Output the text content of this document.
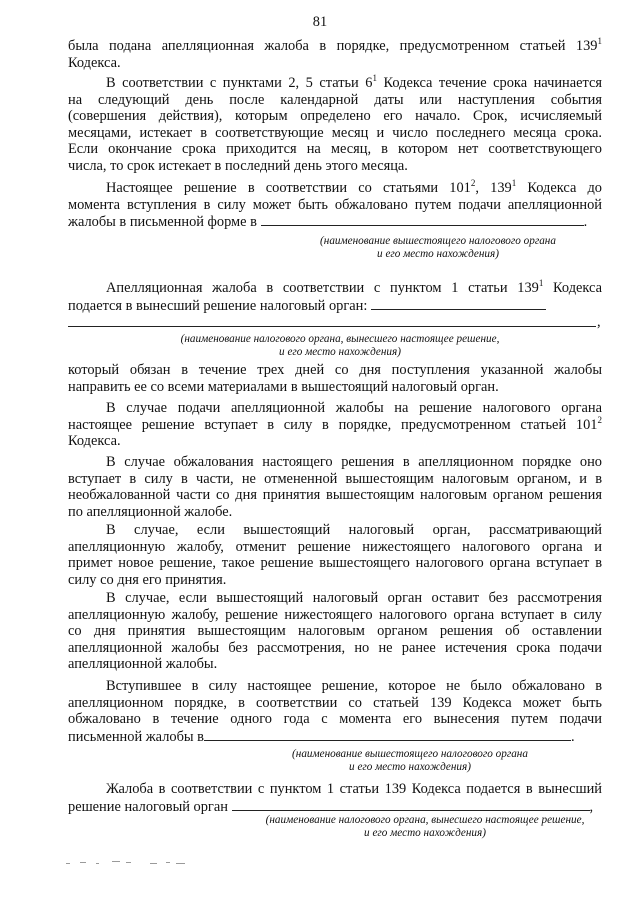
81
была подана апелляционная жалоба в порядке, предусмотренном статьей $139^1$
Кодекса.
В соответствии с пунктами 2, 5 статьи $6^1$ Кодекса течение срока начинается
на следующий день после календарной даты или наступления события
(совершения действия), которым определено его начало. Срок, исчисляемый
месяцами, истекает в соответствующие месяц и число последнего месяца срока.
Если окончание срока приходится на месяц, в котором нет соответствующего
числа, то срок истекает в последний день этого месяца.
Настоящее решение в соответствии со статьями $101^2$, $139^1$ Кодекса до
момента вступления в силу может быть обжаловано путем подачи апелляционной
жалобы в письменной форме в	.
(наименование вышестоящего налогового органа
и его место нахождения)
Апелляционная жалоба в соответствии с пунктом 1 статьи $139^1$ Кодекса
подается в вынесший решение налоговый орган:
,
(наименование налогового органа, вынесшего настоящее решение,
и его место нахождения)
который обязан в течение трех дней со дня поступления указанной жалобы
направить ее со всеми материалами в вышестоящий налоговый орган.
В случае подачи апелляционной жалобы на решение налогового органа
настоящее решение вступает в силу в порядке, предусмотренном статьей $101^2$
Кодекса.
В случае обжалования настоящего решения в апелляционном порядке оно
вступает в силу в части, не отмененной вышестоящим налоговым органом, и в
необжалованной части со дня принятия вышестоящим налоговым органом решения
по апелляционной жалобе.
В случае, если вышестоящий налоговый орган, рассматривающий
апелляционную жалобу, отменит решение нижестоящего налогового органа и
примет новое решение, такое решение вышестоящего налогового органа вступает в
силу со дня его принятия.
В случае, если вышестоящий налоговый орган оставит без рассмотрения
апелляционную жалобу, решение нижестоящего налогового органа вступает в силу
со дня принятия вышестоящим налоговым органом решения об оставлении
апелляционной жалобы без рассмотрения, но не ранее истечения срока подачи
апелляционной жалобы.
Вступившее в силу настоящее решение, которое не было обжаловано в
апелляционном порядке, в соответствии со статьей 139 Кодекса может быть
обжаловано в течение одного года с момента его вынесения путем подачи
письменной жалобы в	.
(наименование вышестоящего налогового органа
и его место нахождения)
Жалоба в соответствии с пунктом 1 статьи 139 Кодекса подается в вынесший
решение налоговый орган	,
(наименование налогового органа, вынесшего настоящее решение,
и его место нахождения)
